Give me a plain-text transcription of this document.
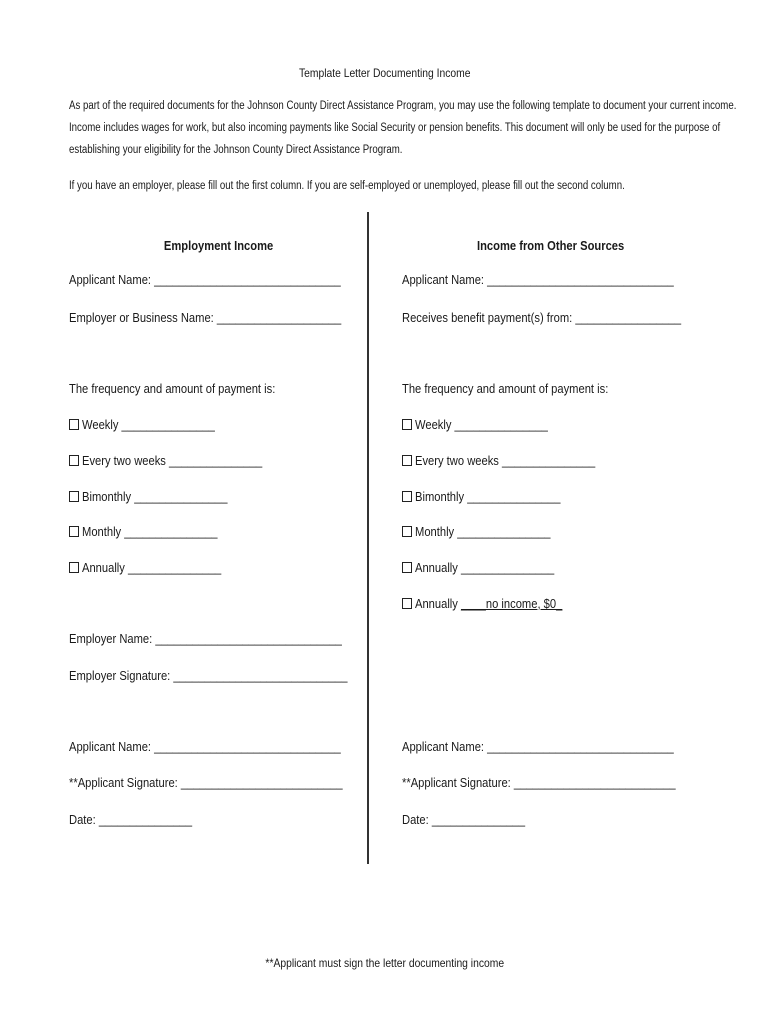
Template Letter Documenting Income
As part of the required documents for the Johnson County Direct Assistance Program, you may use the following template to document your current income.
Income includes wages for work, but also incoming payments like Social Security or pension benefits. This document will only be used for the purpose of
establishing your eligibility for the Johnson County Direct Assistance Program.
If you have an employer, please fill out the first column. If you are self-employed or unemployed, please fill out the second column.
Employment Income
Applicant Name: ______________________________
Employer or Business Name: ____________________
The frequency and amount of payment is:
Weekly _______________
Every two weeks _______________
Bimonthly _______________
Monthly _______________
Annually _______________
Employer Name: ______________________________
Employer Signature: ____________________________
Applicant Name: ______________________________
**Applicant Signature: __________________________
Date: _______________
Income from Other Sources
Applicant Name: ______________________________
Receives benefit payment(s) from: _________________
The frequency and amount of payment is:
Weekly _______________
Every two weeks _______________
Bimonthly _______________
Monthly _______________
Annually _______________
Annually ____no income, $0_
Applicant Name: ______________________________
**Applicant Signature: __________________________
Date: _______________
**Applicant must sign the letter documenting income
